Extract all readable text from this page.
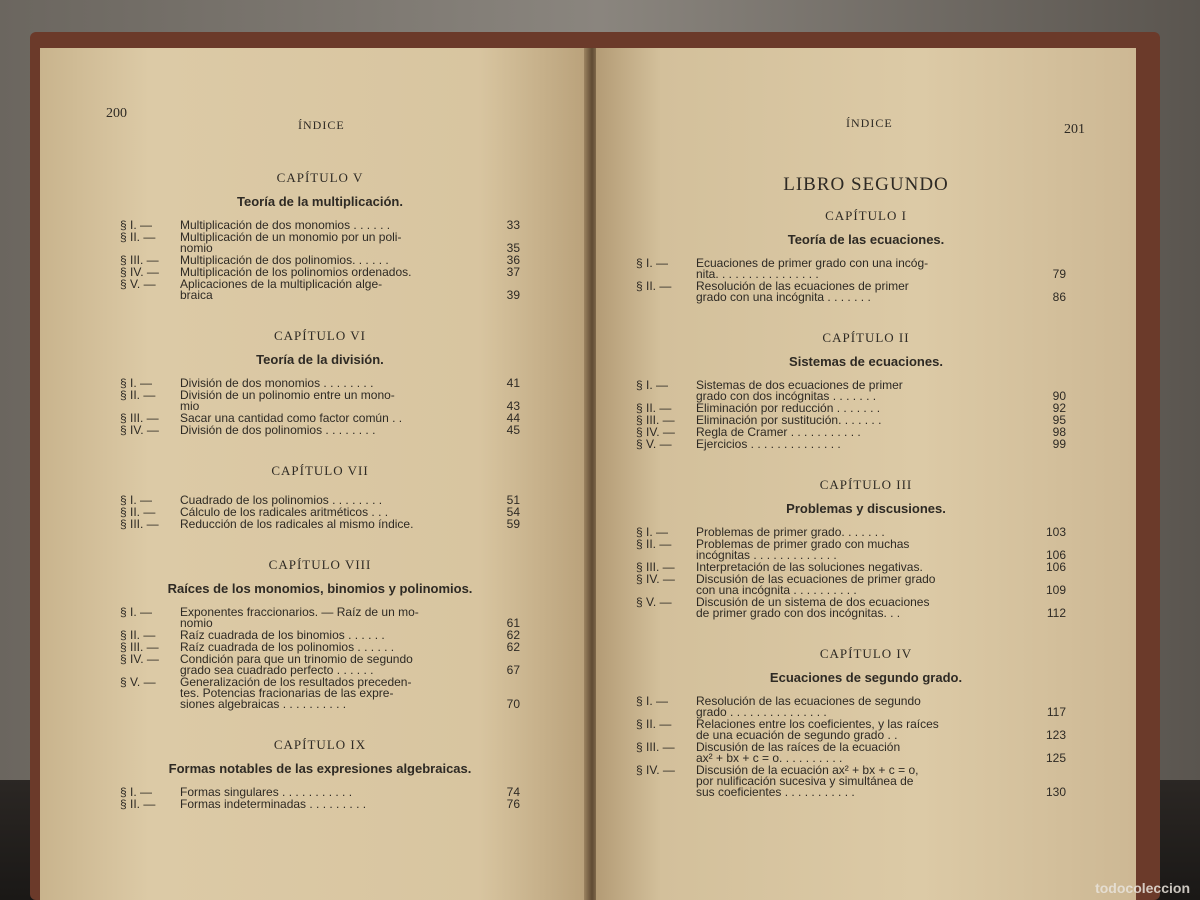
200
ÍNDICE
CAPÍTULO V
Teoría de la multiplicación.
§ I. — Multiplicación de dos monomios . . . . . .	33
§ II. — Multiplicación de un monomio por un poli-
nomio	35
§ III. — Multiplicación de dos polinomios. . . . . .	36
§ IV. — Multiplicación de los polinomios ordenados.	37
§ V. — Aplicaciones de la multiplicación alge-
braica	39
CAPÍTULO VI
Teoría de la división.
§ I. — División de dos monomios . . . . . . . .	41
§ II. — División de un polinomio entre un mono-
mio	43
§ III. — Sacar una cantidad como factor común . .	44
§ IV. — División de dos polinomios . . . . . . . .	45
CAPÍTULO VII
§ I. — Cuadrado de los polinomios . . . . . . . .	51
§ II. — Cálculo de los radicales aritméticos . . .	54
§ III. — Reducción de los radicales al mismo índice.	59
CAPÍTULO VIII
Raíces de los monomios, binomios y polinomios.
§ I. — Exponentes fraccionarios. — Raíz de un mo-
nomio	61
§ II. — Raíz cuadrada de los binomios . . . . . .	62
§ III. — Raíz cuadrada de los polinomios . . . . . .	62
§ IV. — Condición para que un trinomio de segundo
grado sea cuadrado perfecto . . . . . .	67
§ V. — Generalización de los resultados preceden-
tes. Potencias fracionarias de las expre-
siones algebraicas . . . . . . . . . .	70
CAPÍTULO IX
Formas notables de las expresiones algebraicas.
§ I. — Formas singulares . . . . . . . . . . .	74
§ II. — Formas indeterminadas . . . . . . . . .	76
201
ÍNDICE
LIBRO SEGUNDO
CAPÍTULO I
Teoría de las ecuaciones.
§ I. — Ecuaciones de primer grado con una incóg-
nita. . . . . . . . . . . . . . . .	79
§ II. — Resolución de las ecuaciones de primer
grado con una incógnita . . . . . . .	86
CAPÍTULO II
Sistemas de ecuaciones.
§ I. — Sistemas de dos ecuaciones de primer
grado con dos incógnitas . . . . . . .	90
§ II. — Eliminación por reducción . . . . . . .	92
§ III. — Eliminación por sustitución. . . . . . .	95
§ IV. — Regla de Cramer . . . . . . . . . . .	98
§ V. — Ejercicios . . . . . . . . . . . . . .	99
CAPÍTULO III
Problemas y discusiones.
§ I. — Problemas de primer grado. . . . . . .	103
§ II. — Problemas de primer grado con muchas
incógnitas . . . . . . . . . . . . .	106
§ III. — Interpretación de las soluciones negativas.	106
§ IV. — Discusión de las ecuaciones de primer grado
con una incógnita . . . . . . . . . .	109
§ V. — Discusión de un sistema de dos ecuaciones
de primer grado con dos incógnitas. . .	112
CAPÍTULO IV
Ecuaciones de segundo grado.
§ I. — Resolución de las ecuaciones de segundo
grado . . . . . . . . . . . . . . .	117
§ II. — Relaciones entre los coeficientes, y las raíces
de una ecuación de segundo grado . .	123
§ III. — Discusión de las raíces de la ecuación
ax² + bx + c = o. . . . . . . . . .	125
§ IV. — Discusión de la ecuación ax² + bx + c = o,
por nulificación sucesiva y simultánea de
sus coeficientes . . . . . . . . . . .	130
todocoleccion
